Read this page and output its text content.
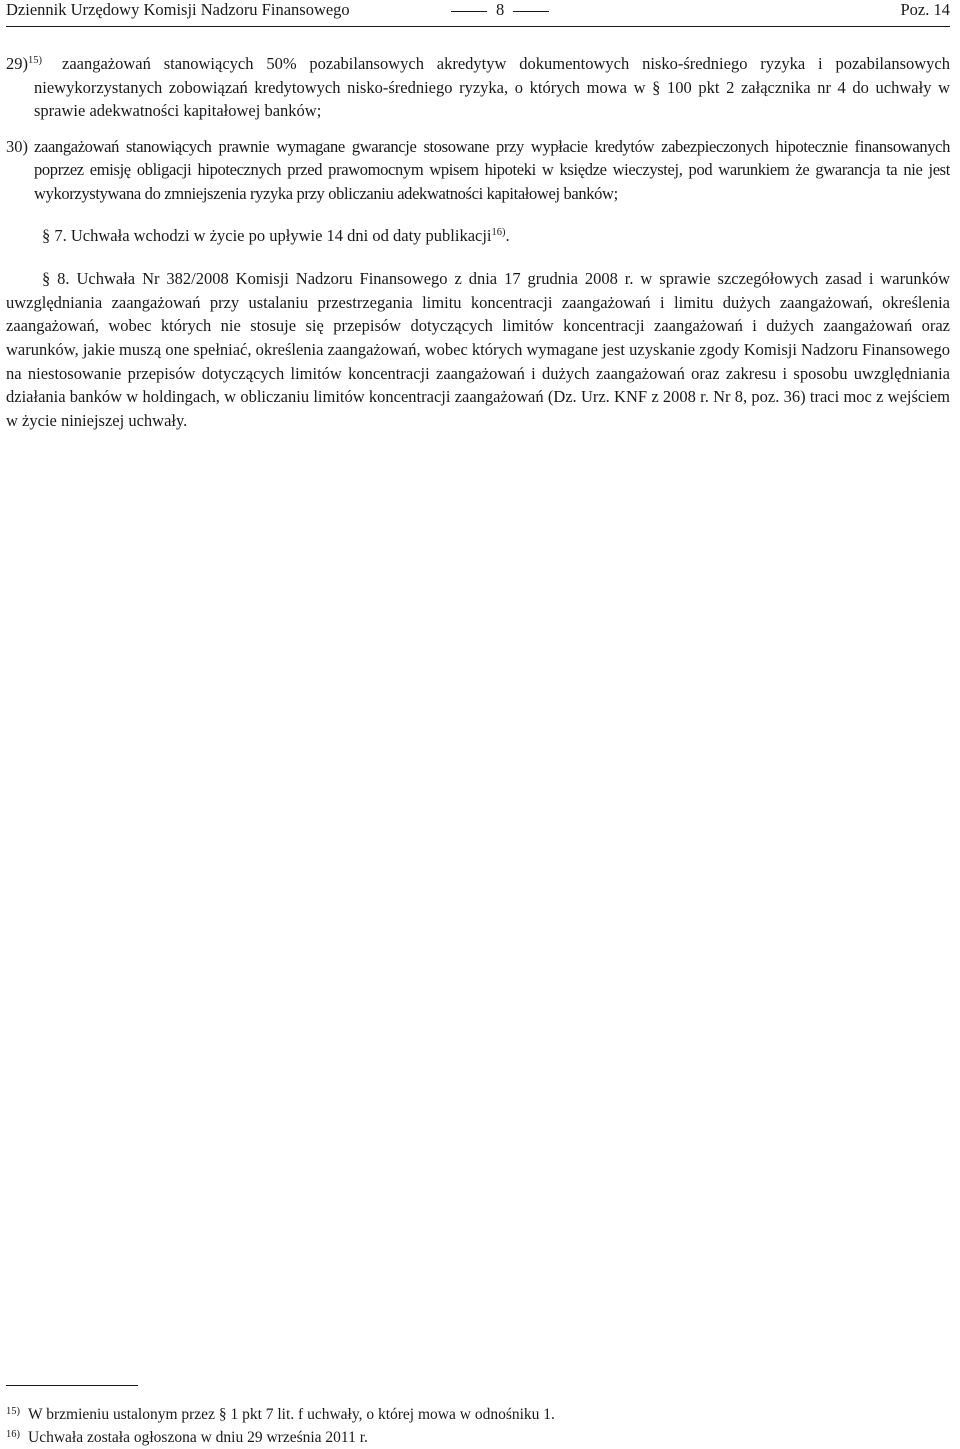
Dziennik Urzędowy Komisji Nadzoru Finansowego	8	Poz. 14
29)$^{15)}$	zaangażowań stanowiących 50% pozabilansowych akredytyw dokumentowych nisko-średniego ryzyka i pozabilansowych niewykorzystanych zobowiązań kredytowych nisko-średniego ryzyka, o których mowa w § 100 pkt 2 załącznika nr 4 do uchwały w sprawie adekwatności kapitałowej banków;
30) zaangażowań stanowiących prawnie wymagane gwarancje stosowane przy wypłacie kredytów zabezpieczonych hipotecznie finansowanych poprzez emisję obligacji hipotecznych przed prawomocnym wpisem hipoteki w księdze wieczystej, pod warunkiem że gwarancja ta nie jest wykorzystywana do zmniejszenia ryzyka przy obliczaniu adekwatności kapitałowej banków;

§ 7. Uchwała wchodzi w życie po upływie 14 dni od daty publikacji$^{16)}$.

§ 8. Uchwała Nr 382/2008 Komisji Nadzoru Finansowego z dnia 17 grudnia 2008 r. w sprawie szczegółowych zasad i warunków uwzględniania zaangażowań przy ustalaniu przestrzegania limitu koncentracji zaangażowań i limitu dużych zaangażowań, określenia zaangażowań, wobec których nie stosuje się przepisów dotyczących limitów koncentracji zaangażowań i dużych zaangażowań oraz warunków, jakie muszą one spełniać, określenia zaangażowań, wobec których wymagane jest uzyskanie zgody Komisji Nadzoru Finansowego na niestosowanie przepisów dotyczących limitów koncentracji zaangażowań i dużych zaangażowań oraz zakresu i sposobu uwzględniania działania banków w holdingach, w obliczaniu limitów koncentracji zaangażowań (Dz. Urz. KNF z 2008 r. Nr 8, poz. 36) traci moc z wejściem w życie niniejszej uchwały.

15) W brzmieniu ustalonym przez § 1 pkt 7 lit. f uchwały, o której mowa w odnośniku 1.
16) Uchwała została ogłoszona w dniu 29 września 2011 r.
